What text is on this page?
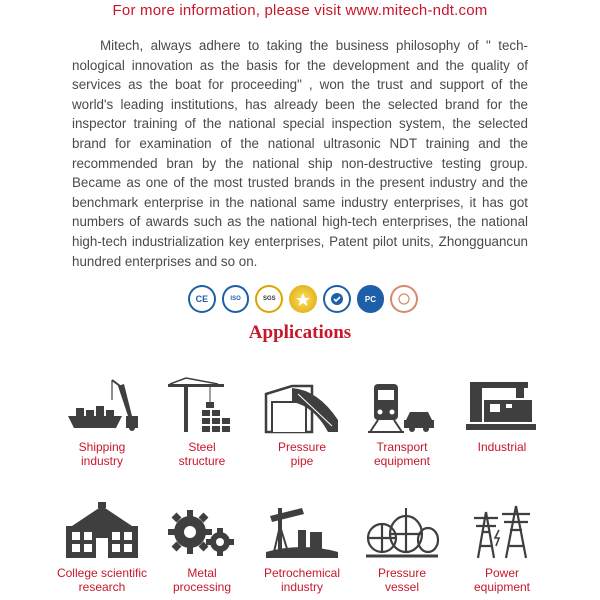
For more information, please visit www.mitech-ndt.com
Mitech, always adhere to taking the business philosophy of " tech-nological innovation as the basis for the development and the quality of services as the boat for proceeding" , won the trust and support of the world's leading institutions, has already been the selected brand for the inspector training of the national special inspection system, the selected brand for examination of the national ultrasonic NDT training and the recommended bran by the national ship non-destructive testing group. Became as one of the most trusted brands in the present industry and the benchmark enterprise in the national same industry enterprises, it has got numbers of awards such as the national high-tech enterprises, the national high-tech industrialization key enterprises, Patent pilot units, Zhongguancun hundred enterprises and so on.
CE	ISO	SGS	PC
Applications
Shipping
industry
Steel
structure
Pressure
pipe
Transport
equipment
Industrial
College scientific
research
Metal
processing
Petrochemical
industry
Pressure
vessel
Power
equipment
